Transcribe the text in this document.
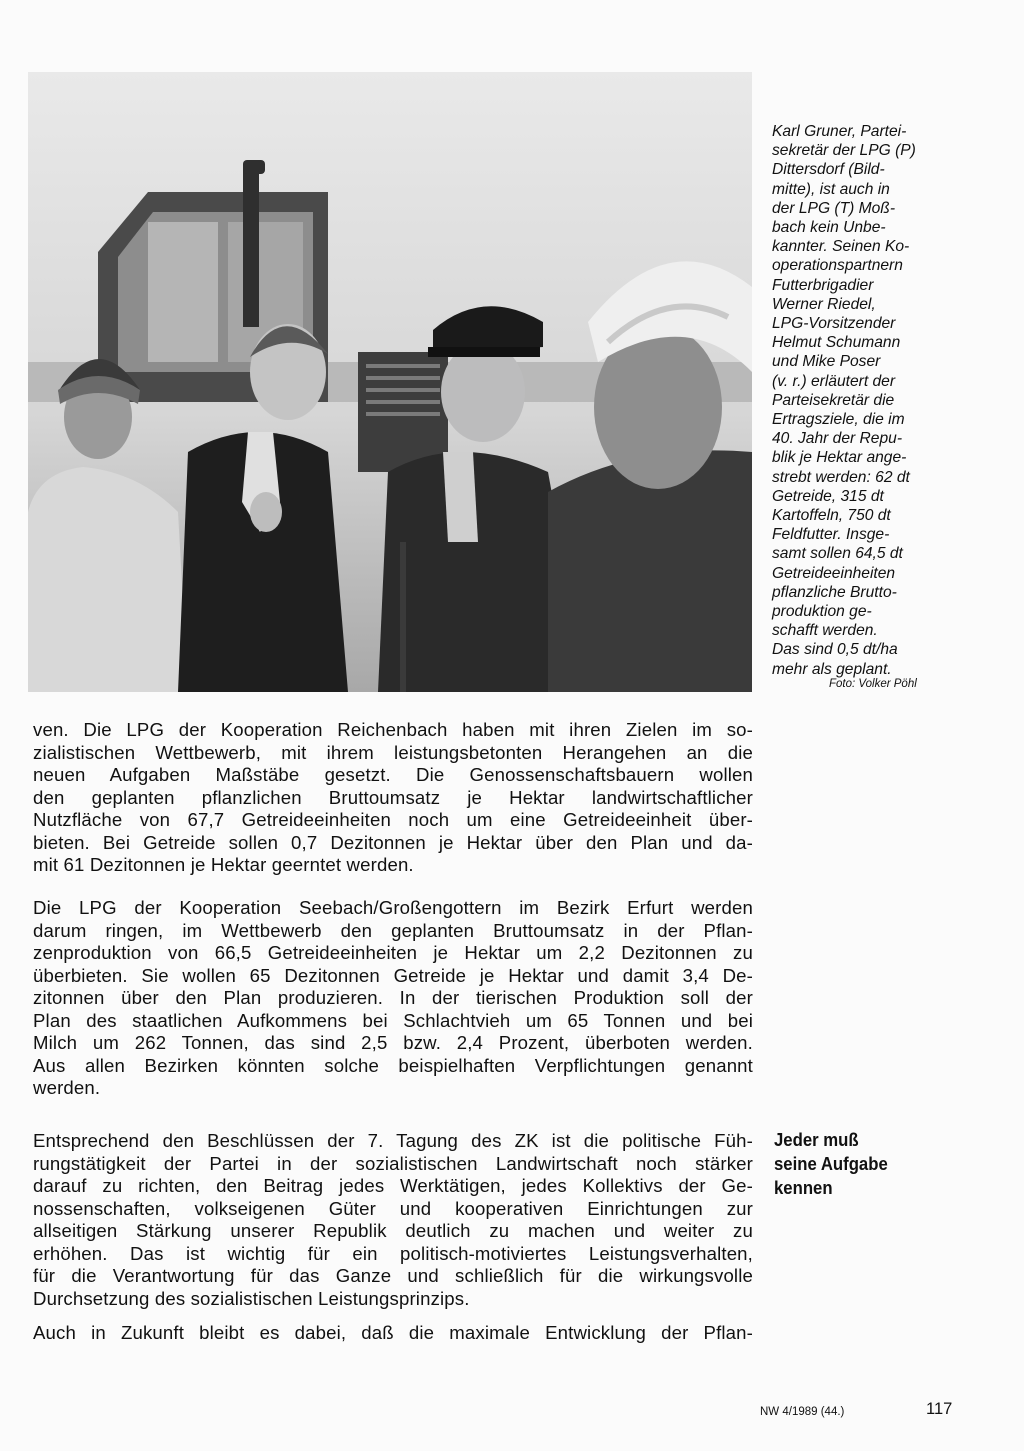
Karl Gruner, Partei-
sekretär der LPG (P)
Dittersdorf (Bild-
mitte), ist auch in
der LPG (T) Moß-
bach kein Unbe-
kannter. Seinen Ko-
operationspartnern
Futterbrigadier
Werner Riedel,
LPG-Vorsitzender
Helmut Schumann
und Mike Poser
(v. r.) erläutert der
Parteisekretär die
Ertragsziele, die im
40. Jahr der Repu-
blik je Hektar ange-
strebt werden: 62 dt
Getreide, 315 dt
Kartoffeln, 750 dt
Feldfutter. Insge-
samt sollen 64,5 dt
Getreideeinheiten
pflanzliche Brutto-
produktion ge-
schafft werden.
Das sind 0,5 dt/ha
mehr als geplant.

Foto: Volker Pöhl

ven. Die LPG der Kooperation Reichenbach haben mit ihren Zielen im so-
zialistischen Wettbewerb, mit ihrem leistungsbetonten Herangehen an die
neuen Aufgaben Maßstäbe gesetzt. Die Genossenschaftsbauern wollen
den geplanten pflanzlichen Bruttoumsatz je Hektar landwirtschaftlicher
Nutzfläche von 67,7 Getreideeinheiten noch um eine Getreideeinheit über-
bieten. Bei Getreide sollen 0,7 Dezitonnen je Hektar über den Plan und da-
mit 61 Dezitonnen je Hektar geerntet werden.

Die LPG der Kooperation Seebach/Großengottern im Bezirk Erfurt werden
darum ringen, im Wettbewerb den geplanten Bruttoumsatz in der Pflan-
zenproduktion von 66,5 Getreideeinheiten je Hektar um 2,2 Dezitonnen zu
überbieten. Sie wollen 65 Dezitonnen Getreide je Hektar und damit 3,4 De-
zitonnen über den Plan produzieren. In der tierischen Produktion soll der
Plan des staatlichen Aufkommens bei Schlachtvieh um 65 Tonnen und bei
Milch um 262 Tonnen, das sind 2,5 bzw. 2,4 Prozent, überboten werden.
Aus allen Bezirken könnten solche beispielhaften Verpflichtungen genannt
werden.

Entsprechend den Beschlüssen der 7. Tagung des ZK ist die politische Füh-
rungstätigkeit der Partei in der sozialistischen Landwirtschaft noch stärker
darauf zu richten, den Beitrag jedes Werktätigen, jedes Kollektivs der Ge-
nossenschaften, volkseigenen Güter und kooperativen Einrichtungen zur
allseitigen Stärkung unserer Republik deutlich zu machen und weiter zu
erhöhen. Das ist wichtig für ein politisch-motiviertes Leistungsverhalten,
für die Verantwortung für das Ganze und schließlich für die wirkungsvolle
Durchsetzung des sozialistischen Leistungsprinzips.

Auch in Zukunft bleibt es dabei, daß die maximale Entwicklung der Pflan-

Jeder muß
seine Aufgabe
kennen
NW 4/1989 (44.)	117
